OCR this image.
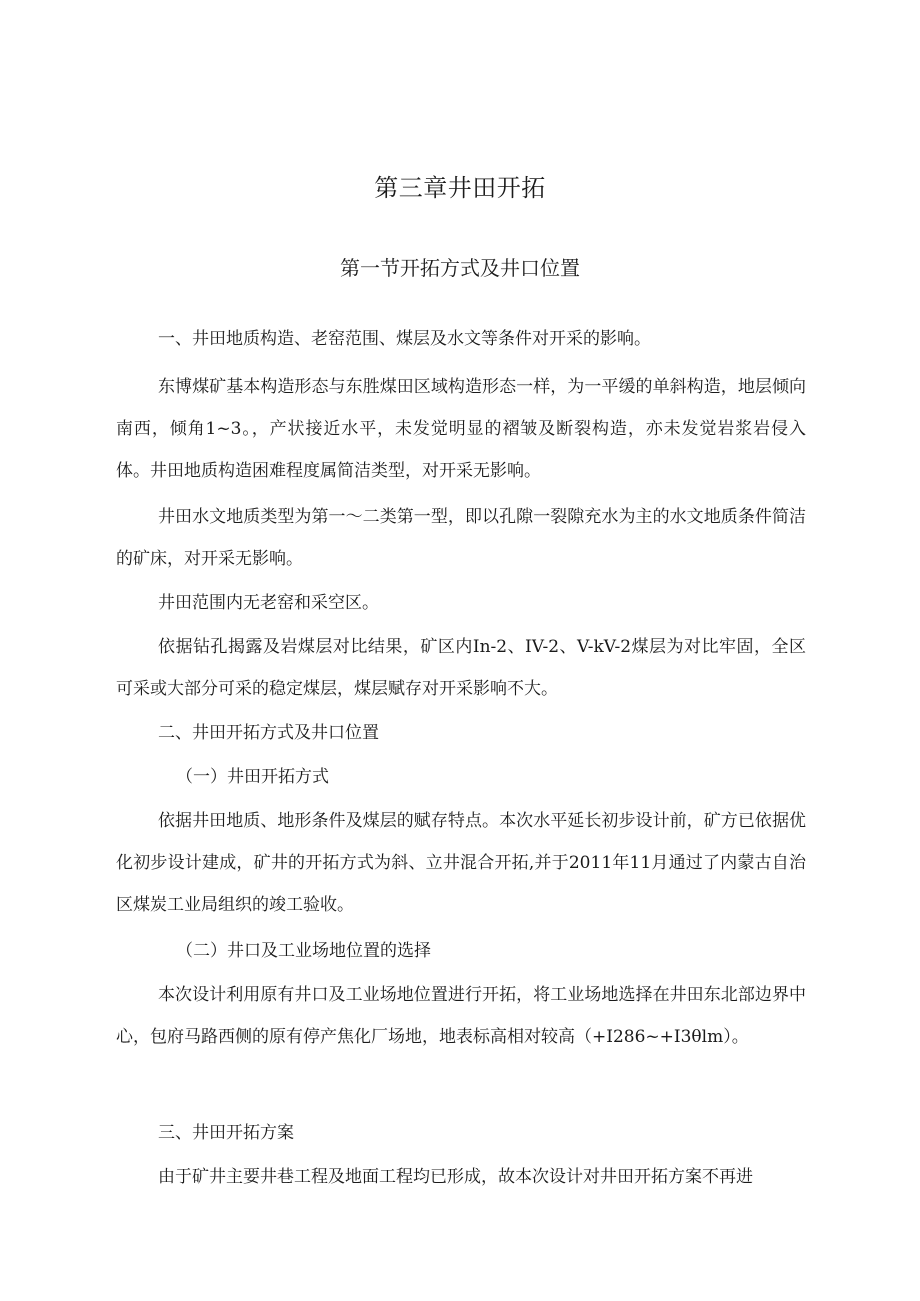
第三章井田开拓
第一节开拓方式及井口位置

一、井田地质构造、老窑范围、煤层及水文等条件对开采的影响。

东博煤矿基本构造形态与东胜煤田区域构造形态一样，为一平缓的单斜构造，地层倾向南西，倾角1~3。，产状接近水平，未发觉明显的褶皱及断裂构造，亦未发觉岩浆岩侵入体。井田地质构造困难程度属简洁类型，对开采无影响。

井田水文地质类型为第一～二类第一型，即以孔隙一裂隙充水为主的水文地质条件简洁的矿床，对开采无影响。

井田范围内无老窑和采空区。

依据钻孔揭露及岩煤层对比结果，矿区内In-2、IV-2、V-kV-2煤层为对比牢固，全区可采或大部分可采的稳定煤层，煤层赋存对开采影响不大。

二、井田开拓方式及井口位置

（一）井田开拓方式

依据井田地质、地形条件及煤层的赋存特点。本次水平延长初步设计前，矿方已依据优化初步设计建成，矿井的开拓方式为斜、立井混合开拓,并于2011年11月通过了内蒙古自治区煤炭工业局组织的竣工验收。

（二）井口及工业场地位置的选择

本次设计利用原有井口及工业场地位置进行开拓，将工业场地选择在井田东北部边界中心，包府马路西侧的原有停产焦化厂场地，地表标高相对较高（+I286~+I3θlm）。

三、井田开拓方案

由于矿井主要井巷工程及地面工程均已形成，故本次设计对井田开拓方案不再进
